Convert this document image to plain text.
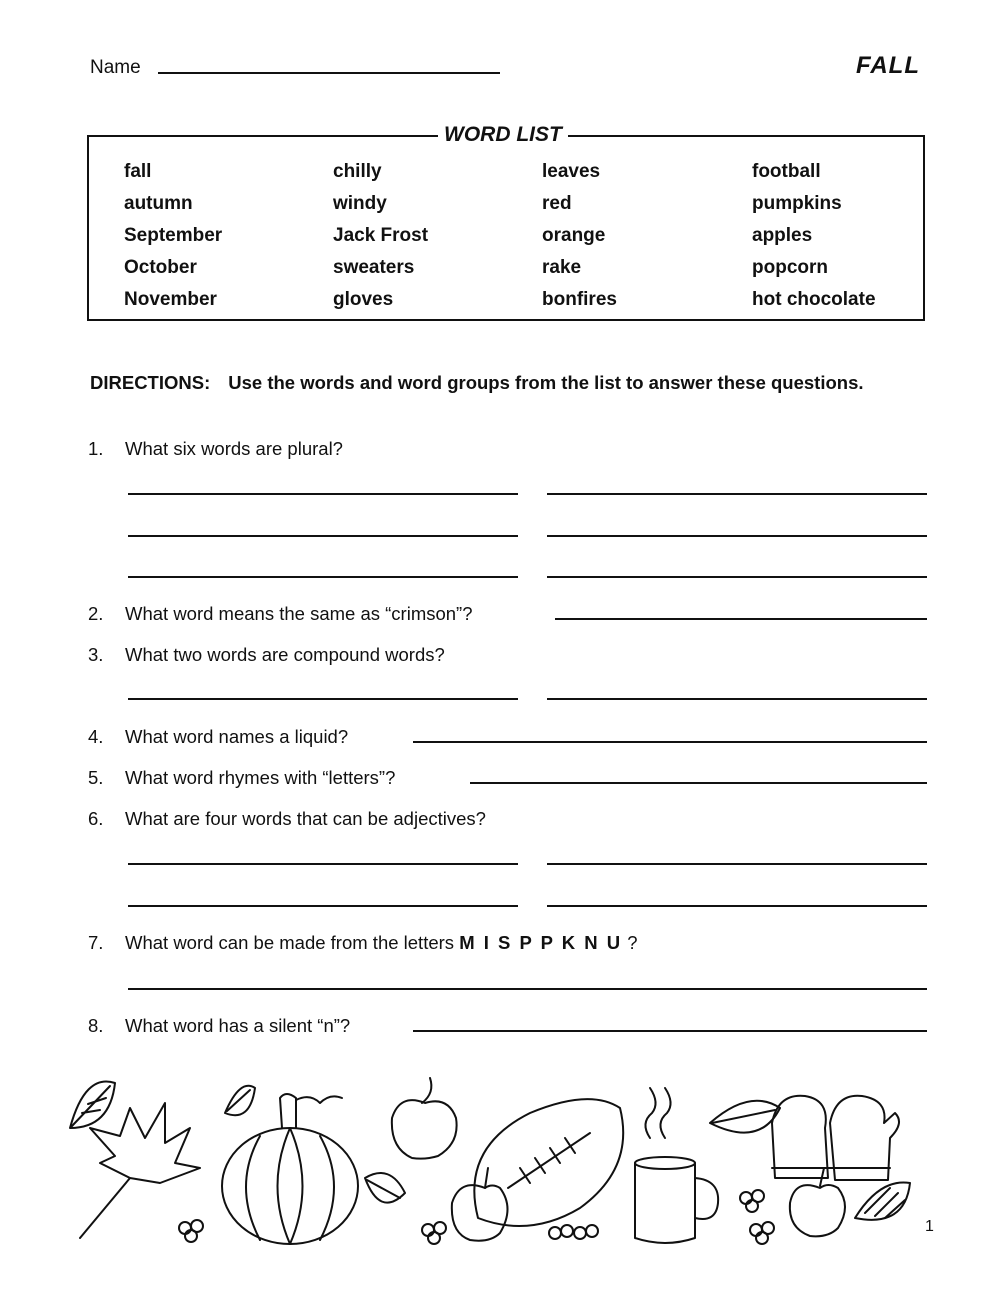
Name	FALL
WORD LIST
fall
autumn
September
October
November
chilly
windy
Jack Frost
sweaters
gloves
leaves
red
orange
rake
bonfires
football
pumpkins
apples
popcorn
hot chocolate
DIRECTIONS: Use the words and word groups from the list to answer these questions.
1. What six words are plural?
2. What word means the same as “crimson”?
3. What two words are compound words?
4. What word names a liquid?
5. What word rhymes with “letters”?
6. What are four words that can be adjectives?
7. What word can be made from the letters M I S P P K N U ?
8. What word has a silent “n”?
1
